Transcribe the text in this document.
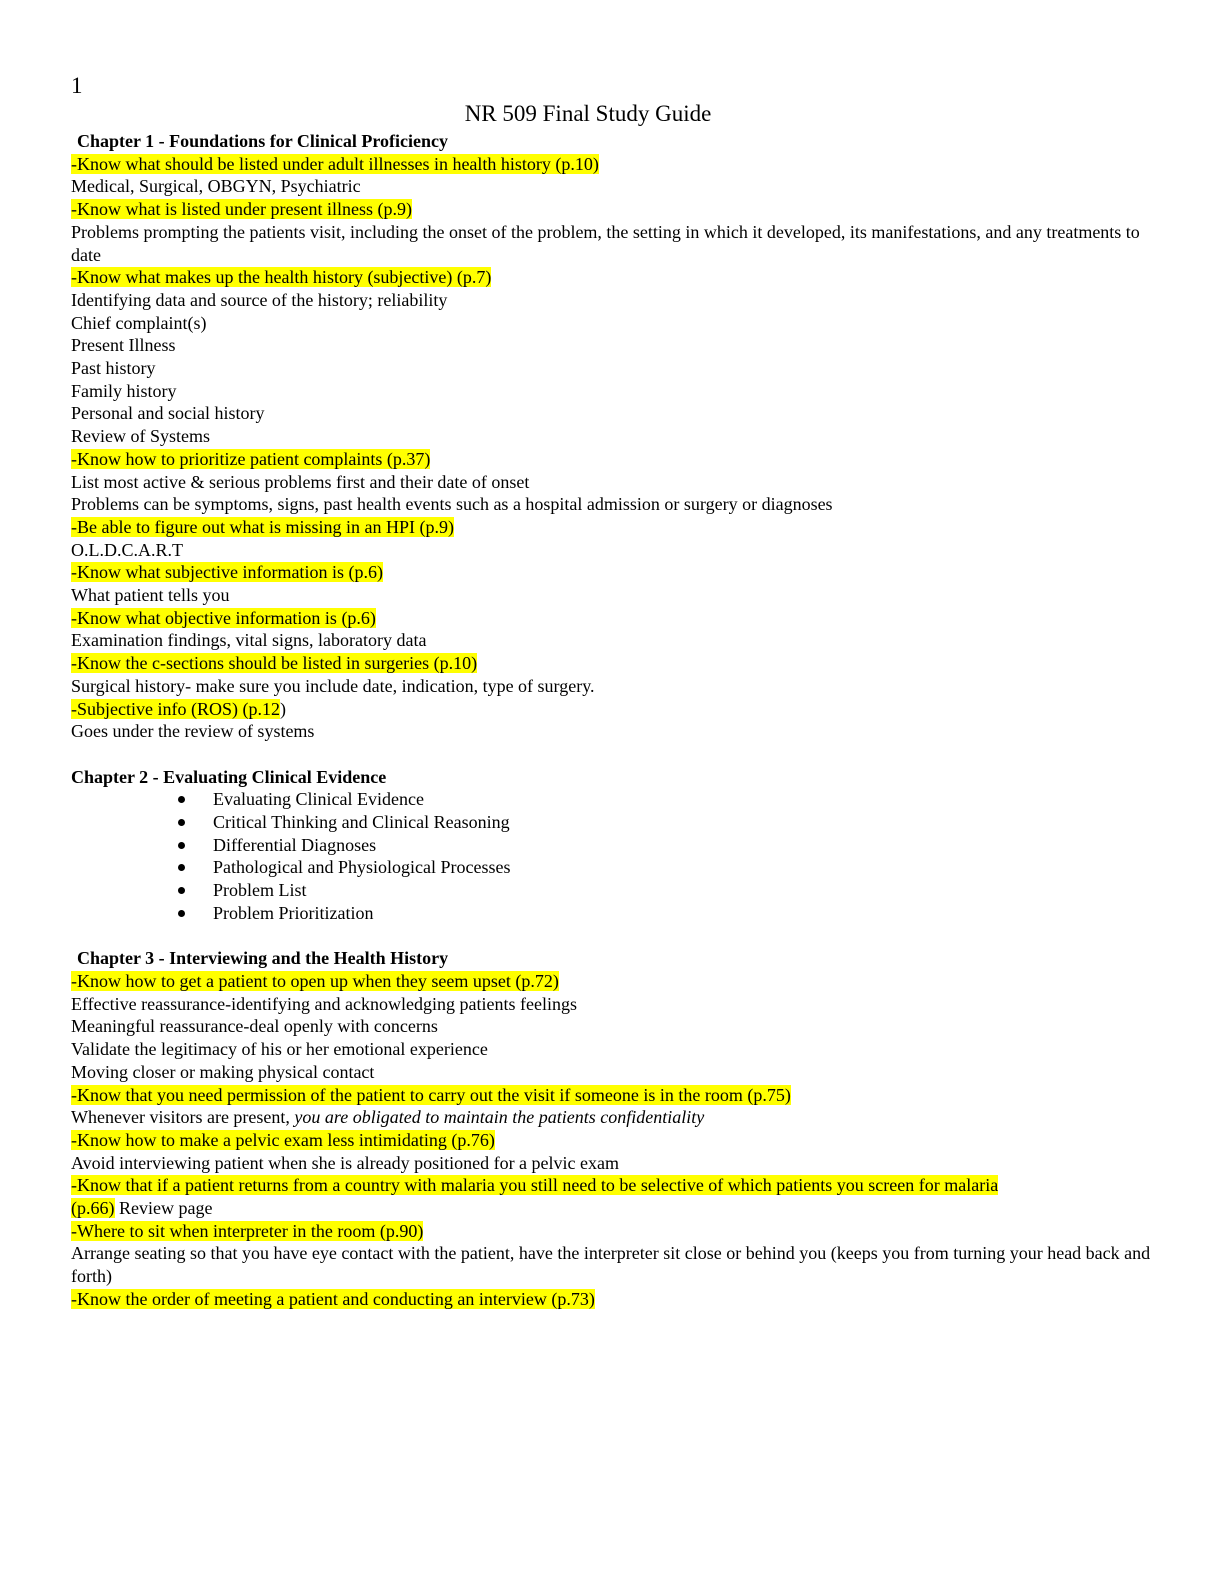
1
NR 509 Final Study Guide
Chapter 1 - Foundations for Clinical Proficiency
-Know what should be listed under adult illnesses in health history (p.10)
Medical, Surgical, OBGYN, Psychiatric
-Know what is listed under present illness (p.9)
Problems prompting the patients visit, including the onset of the problem, the setting in which it developed, its manifestations, and any treatments to date
-Know what makes up the health history (subjective) (p.7)
Identifying data and source of the history; reliability
Chief complaint(s)
Present Illness
Past history
Family history
Personal and social history
Review of Systems
-Know how to prioritize patient complaints (p.37)
List most active & serious problems first and their date of onset
Problems can be symptoms, signs, past health events such as a hospital admission or surgery or diagnoses
-Be able to figure out what is missing in an HPI (p.9)
O.L.D.C.A.R.T
-Know what subjective information is (p.6)
What patient tells you
-Know what objective information is (p.6)
Examination findings, vital signs, laboratory data
-Know the c-sections should be listed in surgeries (p.10)
Surgical history- make sure you include date, indication, type of surgery.
-Subjective info (ROS) (p.12)
Goes under the review of systems
Chapter 2 - Evaluating Clinical Evidence
Evaluating Clinical Evidence
Critical Thinking and Clinical Reasoning
Differential Diagnoses
Pathological and Physiological Processes
Problem List
Problem Prioritization
Chapter 3 - Interviewing and the Health History
-Know how to get a patient to open up when they seem upset (p.72)
Effective reassurance-identifying and acknowledging patients feelings
Meaningful reassurance-deal openly with concerns
Validate the legitimacy of his or her emotional experience
Moving closer or making physical contact
-Know that you need permission of the patient to carry out the visit if someone is in the room (p.75)
Whenever visitors are present, you are obligated to maintain the patients confidentiality
-Know how to make a pelvic exam less intimidating (p.76)
Avoid interviewing patient when she is already positioned for a pelvic exam
-Know that if a patient returns from a country with malaria you still need to be selective of which patients you screen for malaria
(p.66) Review page
-Where to sit when interpreter in the room (p.90)
Arrange seating so that you have eye contact with the patient, have the interpreter sit close or behind you (keeps you from turning your head back and forth)
-Know the order of meeting a patient and conducting an interview (p.73)
